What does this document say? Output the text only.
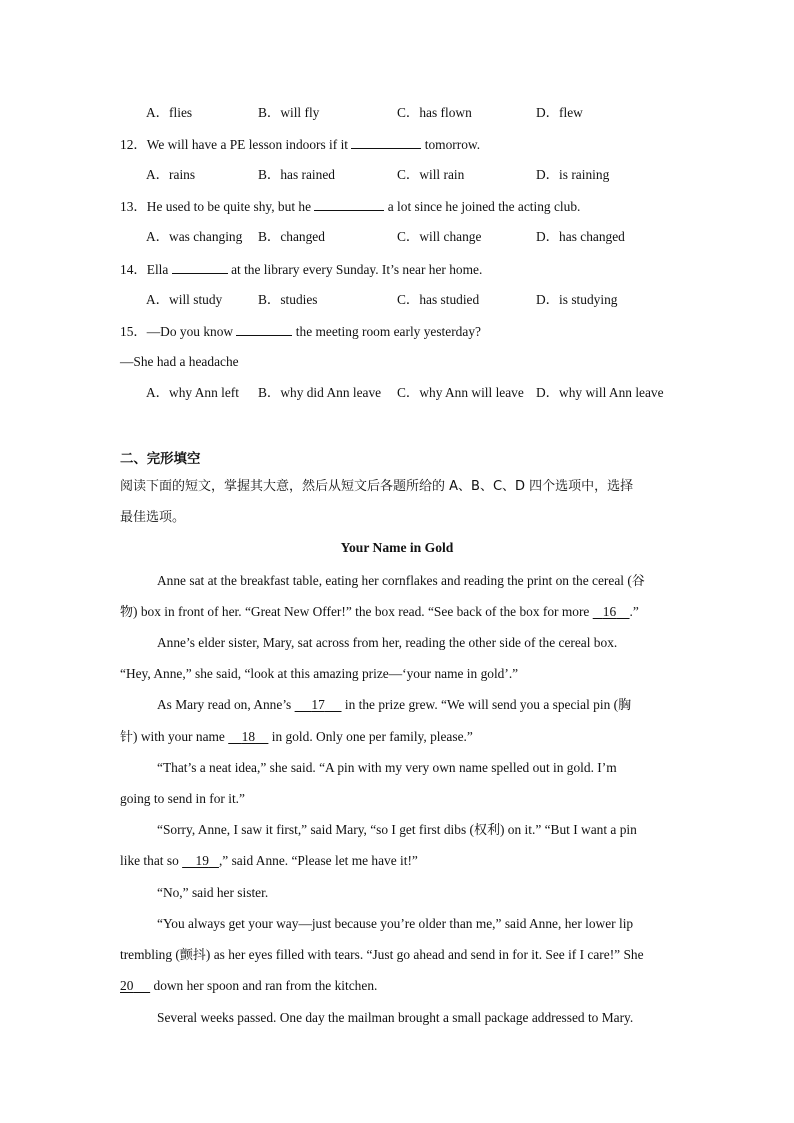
A．flies	B．will fly	C．has flown	D．flew
12．We will have a PE lesson indoors if it	tomorrow.
A．rains	B．has rained	C．will rain	D．is raining
13．He used to be quite shy, but he	a lot since he joined the acting club.
A．was changing B．changed	C．will change	D．has changed
14．Ella	at the library every Sunday. It’s near her home.
A．will study	B．studies	C．has studied	D．is studying
15．—Do you know	the meeting room early yesterday?
—She had a headache
A．why Ann left B．why did Ann leave C．why Ann will leave D．why will Ann leave
二、完形填空
阅读下面的短文，掌握其大意，然后从短文后各题所给的 A、B、C、D 四个选项中，选择
最佳选项。
Your Name in Gold
Anne sat at the breakfast table, eating her cornflakes and reading the print on the cereal (谷
物) box in front of her. “Great New Offer!” the box read. “See back of the box for more 16 .”
Anne’s elder sister, Mary, sat across from her, reading the other side of the cereal box.
“Hey, Anne,” she said, “look at this amazing prize—‘your name in gold’.”
As Mary read on, Anne’s 17 in the prize grew. “We will send you a special pin (胸
针) with your name 18 in gold. Only one per family, please.”
“That’s a neat idea,” she said. “A pin with my very own name spelled out in gold. I’m
going to send in for it.”
“Sorry, Anne, I saw it first,” said Mary, “so I get first dibs (权利) on it.” “But I want a pin
like that so 19 ,” said Anne. “Please let me have it!”
“No,” said her sister.
“You always get your way—just because you’re older than me,” said Anne, her lower lip
trembling (颤抖) as her eyes filled with tears. “Just go ahead and send in for it. See if I care!” She
20 down her spoon and ran from the kitchen.
Several weeks passed. One day the mailman brought a small package addressed to Mary.
